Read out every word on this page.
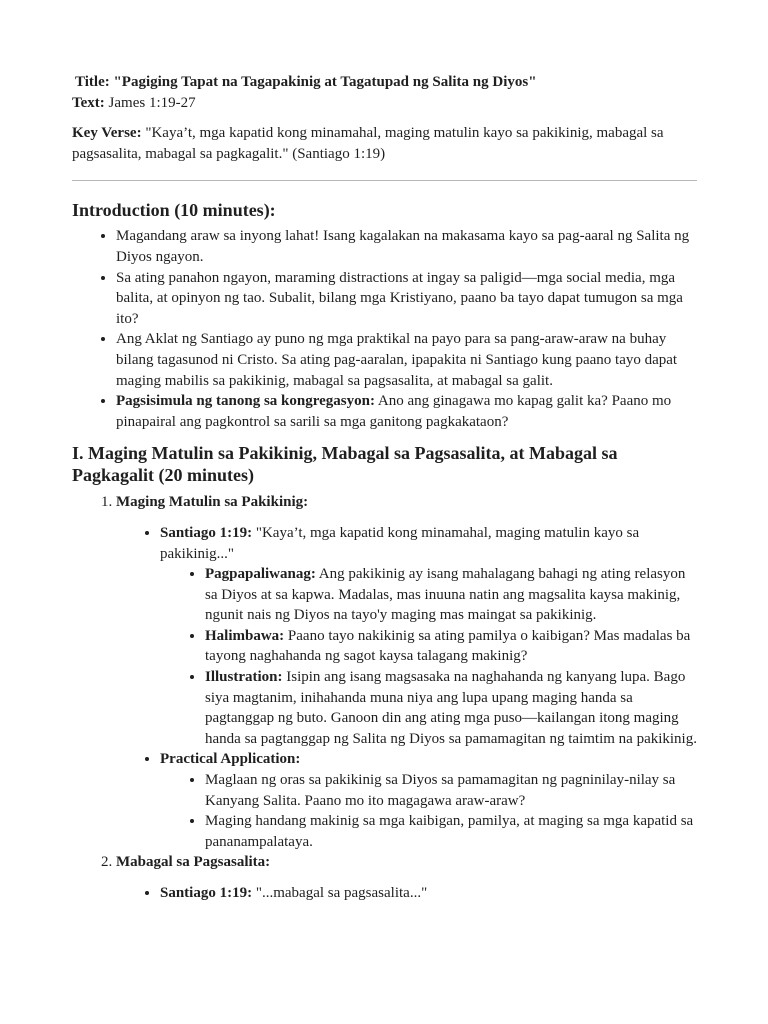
Title: "Pagiging Tapat na Tagapakinig at Tagatupad ng Salita ng Diyos"

Text: James 1:19-27

Key Verse: "Kaya’t, mga kapatid kong minamahal, maging matulin kayo sa pakikinig, mabagal sa pagsasalita, mabagal sa pagkagalit." (Santiago 1:19)

Introduction (10 minutes):
• Magandang araw sa inyong lahat! Isang kagalakan na makasama kayo sa pag-aaral ng Salita ng Diyos ngayon.
• Sa ating panahon ngayon, maraming distractions at ingay sa paligid—mga social media, mga balita, at opinyon ng tao. Subalit, bilang mga Kristiyano, paano ba tayo dapat tumugon sa mga ito?
• Ang Aklat ng Santiago ay puno ng mga praktikal na payo para sa pang-araw-araw na buhay bilang tagasunod ni Cristo. Sa ating pag-aaralan, ipapakita ni Santiago kung paano tayo dapat maging mabilis sa pakikinig, mabagal sa pagsasalita, at mabagal sa galit.
• Pagsisimula ng tanong sa kongregasyon: Ano ang ginagawa mo kapag galit ka? Paano mo pinapairal ang pagkontrol sa sarili sa mga ganitong pagkakataon?
I. Maging Matulin sa Pakikinig, Mabagal sa Pagsasalita, at Mabagal sa Pagkagalit (20 minutes)
1. Maging Matulin sa Pakikinig:
• Santiago 1:19: "Kaya’t, mga kapatid kong minamahal, maging matulin kayo sa pakikinig..."
• Pagpapaliwanag: Ang pakikinig ay isang mahalagang bahagi ng ating relasyon sa Diyos at sa kapwa. Madalas, mas inuuna natin ang magsalita kaysa makinig, ngunit nais ng Diyos na tayo'y maging mas maingat sa pakikinig.
• Halimbawa: Paano tayo nakikinig sa ating pamilya o kaibigan? Mas madalas ba tayong naghahanda ng sagot kaysa talagang makinig?
• Illustration: Isipin ang isang magsasaka na naghahanda ng kanyang lupa. Bago siya magtanim, inihahanda muna niya ang lupa upang maging handa sa pagtanggap ng buto. Ganoon din ang ating mga puso—kailangan itong maging handa sa pagtanggap ng Salita ng Diyos sa pamamagitan ng taimtim na pakikinig.
• Practical Application:
• Maglaan ng oras sa pakikinig sa Diyos sa pamamagitan ng pagninilay-nilay sa Kanyang Salita. Paano mo ito magagawa araw-araw?
• Maging handang makinig sa mga kaibigan, pamilya, at maging sa mga kapatid sa pananampalataya.
2. Mabagal sa Pagsasalita:
• Santiago 1:19: "...mabagal sa pagsasalita..."
